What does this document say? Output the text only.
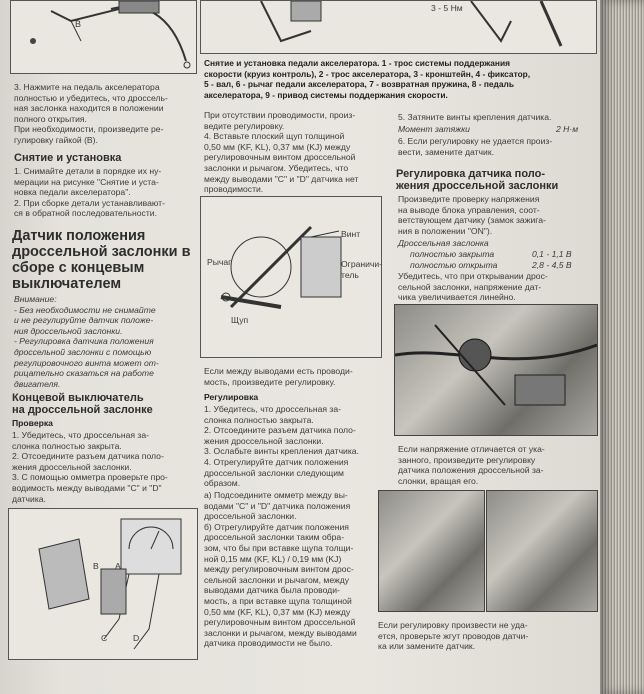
B
3. Нажмите на педаль акселератора
полностью и убедитесь, что дроссель-
ная заслонка находится в положении
полного открытия.
При необходимости, произведите ре-
гулировку гайкой (В).
Снятие и установка
1. Снимайте детали в порядке их ну-
мерации на рисунке "Снятие и уста-
новка педали акселератора".
2. При сборке детали устанавливают-
ся в обратной последовательности.
Датчик положения
дроссельной заслонки в
сборе с концевым
выключателем
Внимание:
- Без необходимости не снимайте
и не регулируйте датчик положе-
ния дроссельной заслонки.
- Регулировка датчика положения
дроссельной заслонки с помощью
регулировочного винта может от-
рицательно сказаться на работе
двигателя.
Концевой выключатель
на дроссельной заслонке
Проверка
1. Убедитесь, что дроссельная за-
слонка полностью закрыта.
2. Отсоедините разъем датчика поло-
жения дроссельной заслонки.
3. С помощью омметра проверьте про-
водимость между выводами "C" и "D"
датчика.
B A
C	D
3 - 5 Нм
Снятие и установка педали акселератора. 1 - трос системы поддержания
скорости (круиз контроль), 2 - трос акселератора, 3 - кронштейн, 4 - фиксатор,
5 - вал, 6 - рычаг педали акселератора, 7 - возвратная пружина, 8 - педаль
акселератора, 9 - привод системы поддержания скорости.
При отсутствии проводимости, произ-
ведите регулировку.
4. Вставьте плоский щуп толщиной
0,50 мм (KF, KL), 0,37 мм (KJ) между
регулировочным винтом дроссельной
заслонки и рычагом. Убедитесь, что
между выводами "C" и "D" датчика нет
проводимости.
Винт
Рычаг	Ограничи-
тель
Щуп
Если между выводами есть проводи-
мость, произведите регулировку.
Регулировка
1. Убедитесь, что дроссельная за-
слонка полностью закрыта.
2. Отсоедините разъем датчика поло-
жения дроссельной заслонки.
3. Ослабьте винты крепления датчика.
4. Отрегулируйте датчик положения
дроссельной заслонки следующим
образом.
а) Подсоедините омметр между вы-
водами "C" и "D" датчика положения
дроссельной заслонки.
б) Отрегулируйте датчик положения
дроссельной заслонки таким обра-
зом, что бы при вставке щупа толщи-
ной 0,15 мм (KF, KL) / 0,19 мм (KJ)
между регулировочным винтом дрос-
сельной заслонки и рычагом, между
выводами датчика была проводи-
мость, а при вставке щупа толщиной
0,50 мм (KF, KL), 0,37 мм (KJ) между
регулировочным винтом дроссельной
заслонки и рычагом, между выводами
датчика проводимости не было.
5. Затяните винты крепления датчика.
Момент затяжки	2 Н·м
6. Если регулировку не удается произ-
вести, замените датчик.
Регулировка датчика поло-
жения дроссельной заслонки
Произведите проверку напряжения
на выводе блока управления, соот-
ветствующем датчику (замок зажига-
ния в положении "ON").
Дроссельная заслонка
полностью закрыта	0,1 - 1,1 В
полностью открыта	2,8 - 4,5 В
Убедитесь, что при открывании дрос-
сельной заслонки, напряжение дат-
чика увеличивается линейно.
Если напряжение отличается от ука-
занного, произведите регулировку
датчика положения дроссельной за-
слонки, вращая его.
Если регулировку произвести не уда-
ется, проверьте жгут проводов датчи-
ка или замените датчик.
